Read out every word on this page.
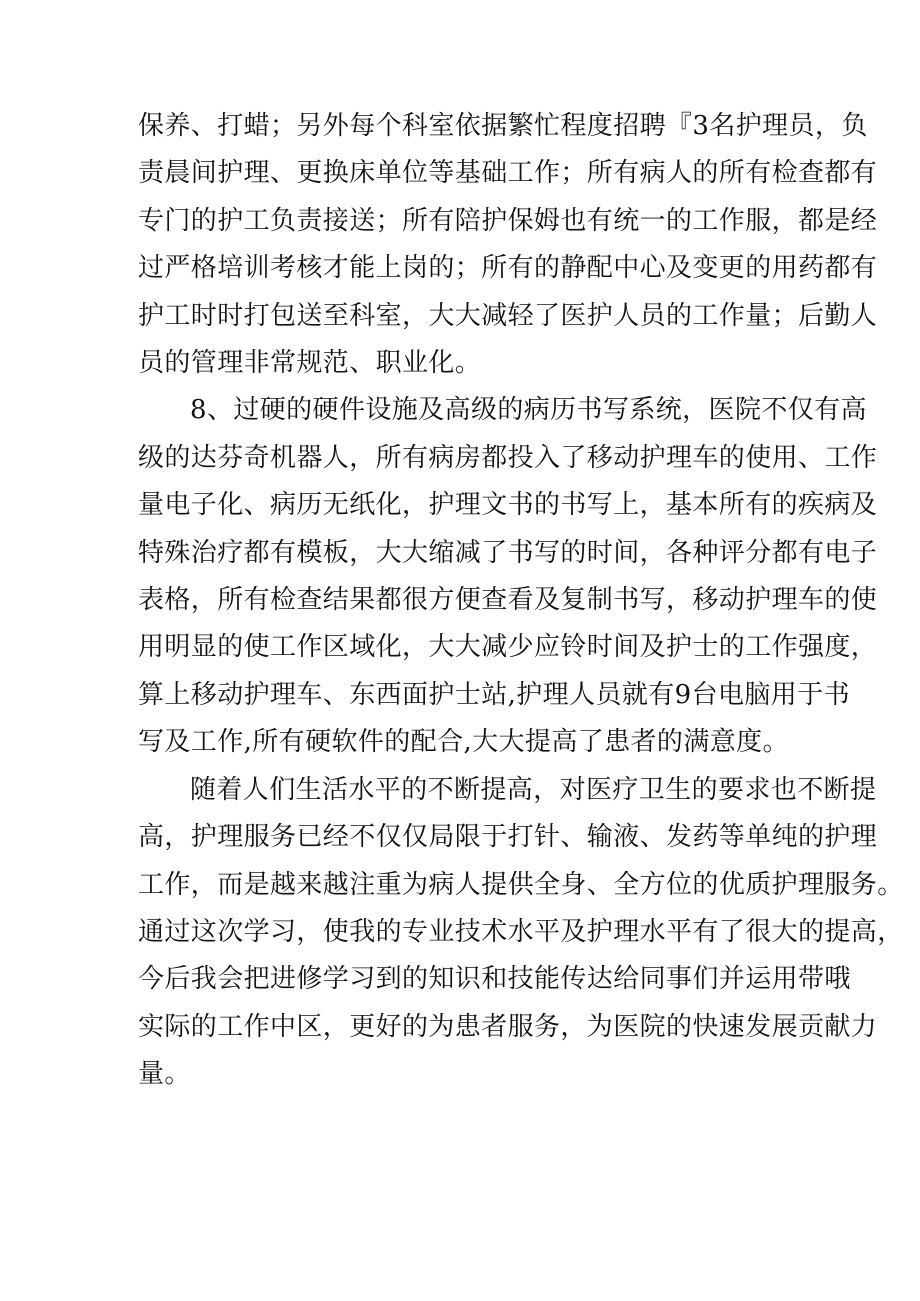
保养、打蜡；另外每个科室依据繁忙程度招聘『3名护理员，负
责晨间护理、更换床单位等基础工作；所有病人的所有检查都有
专门的护工负责接送；所有陪护保姆也有统一的工作服，都是经
过严格培训考核才能上岗的；所有的静配中心及变更的用药都有
护工时时打包送至科室，大大减轻了医护人员的工作量；后勤人
员的管理非常规范、职业化。

8、过硬的硬件设施及高级的病历书写系统，医院不仅有高
级的达芬奇机器人，所有病房都投入了移动护理车的使用、工作
量电子化、病历无纸化，护理文书的书写上，基本所有的疾病及
特殊治疗都有模板，大大缩减了书写的时间，各种评分都有电子
表格，所有检查结果都很方便查看及复制书写，移动护理车的使
用明显的使工作区域化，大大减少应铃时间及护士的工作强度，
算上移动护理车、东西面护士站,护理人员就有9台电脑用于书
写及工作,所有硬软件的配合,大大提高了患者的满意度。

随着人们生活水平的不断提高，对医疗卫生的要求也不断提
高，护理服务已经不仅仅局限于打针、输液、发药等单纯的护理
工作，而是越来越注重为病人提供全身、全方位的优质护理服务。
通过这次学习，使我的专业技术水平及护理水平有了很大的提高，
今后我会把进修学习到的知识和技能传达给同事们并运用带哦
实际的工作中区，更好的为患者服务，为医院的快速发展贡献力
量。
